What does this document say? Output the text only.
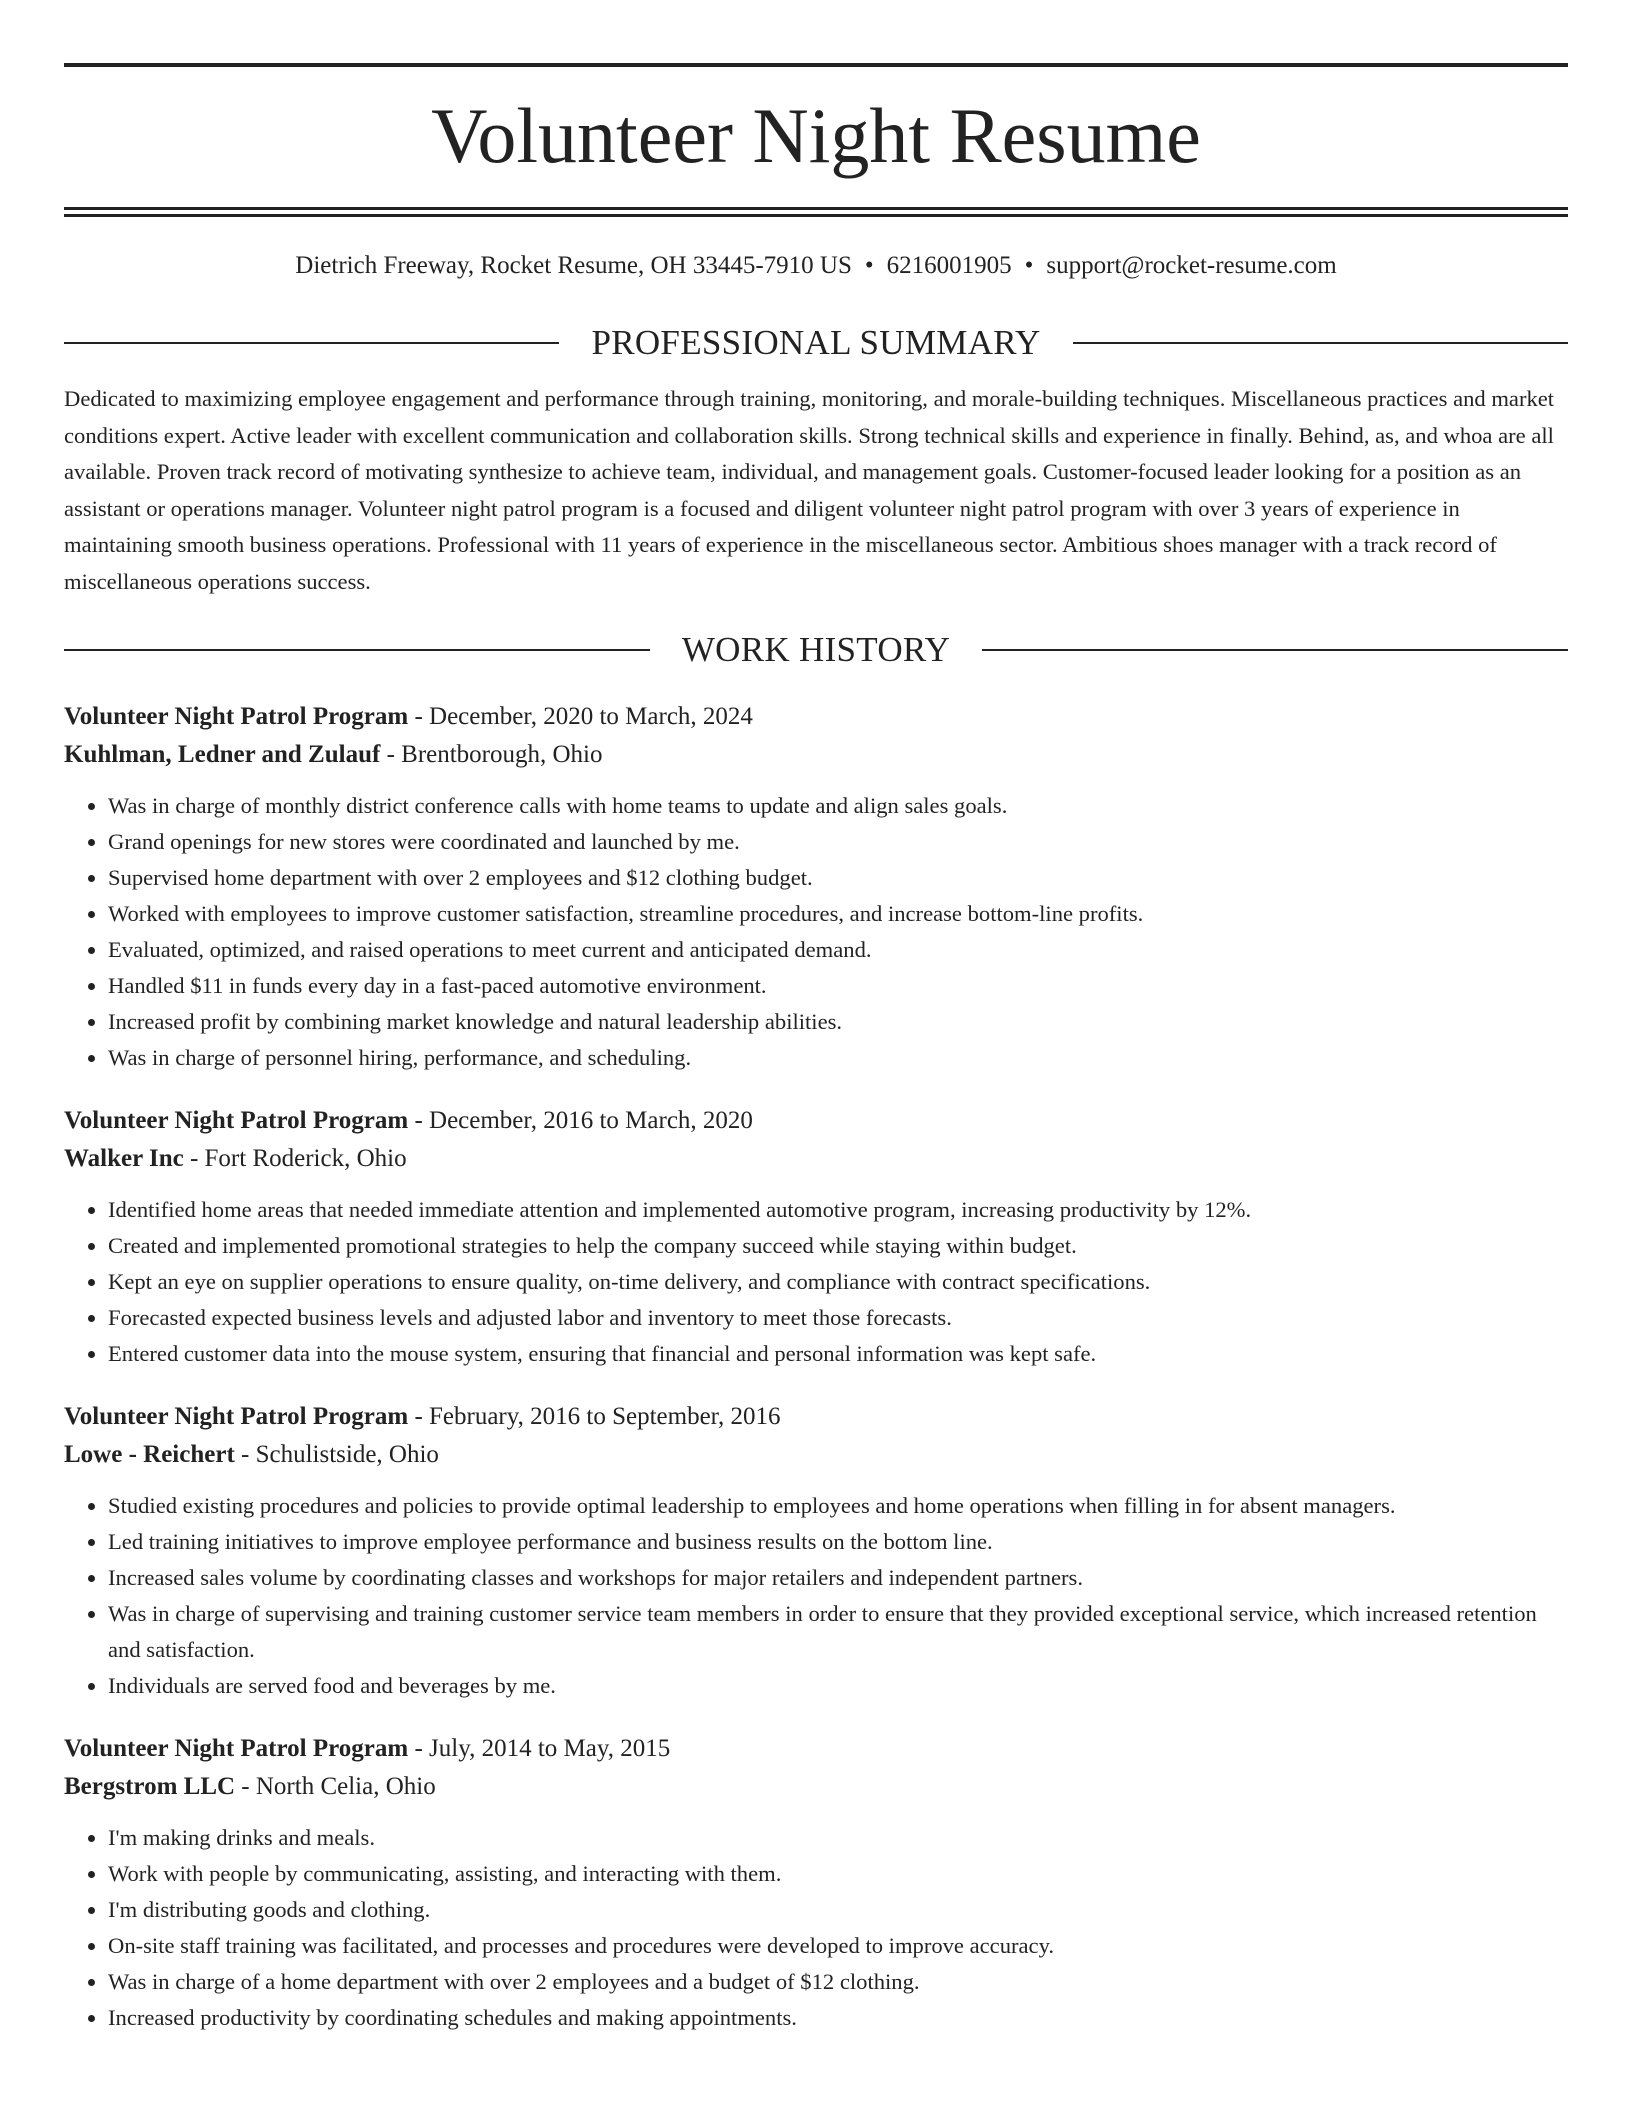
Volunteer Night Resume
Dietrich Freeway, Rocket Resume, OH 33445-7910 US • 6216001905 • support@rocket-resume.com
PROFESSIONAL SUMMARY
Dedicated to maximizing employee engagement and performance through training, monitoring, and morale-building techniques. Miscellaneous practices and market conditions expert. Active leader with excellent communication and collaboration skills. Strong technical skills and experience in finally. Behind, as, and whoa are all available. Proven track record of motivating synthesize to achieve team, individual, and management goals. Customer-focused leader looking for a position as an assistant or operations manager. Volunteer night patrol program is a focused and diligent volunteer night patrol program with over 3 years of experience in maintaining smooth business operations. Professional with 11 years of experience in the miscellaneous sector. Ambitious shoes manager with a track record of miscellaneous operations success.
WORK HISTORY
Volunteer Night Patrol Program - December, 2020 to March, 2024
Kuhlman, Ledner and Zulauf - Brentborough, Ohio
• Was in charge of monthly district conference calls with home teams to update and align sales goals.
• Grand openings for new stores were coordinated and launched by me.
• Supervised home department with over 2 employees and $12 clothing budget.
• Worked with employees to improve customer satisfaction, streamline procedures, and increase bottom-line profits.
• Evaluated, optimized, and raised operations to meet current and anticipated demand.
• Handled $11 in funds every day in a fast-paced automotive environment.
• Increased profit by combining market knowledge and natural leadership abilities.
• Was in charge of personnel hiring, performance, and scheduling.
Volunteer Night Patrol Program - December, 2016 to March, 2020
Walker Inc - Fort Roderick, Ohio
• Identified home areas that needed immediate attention and implemented automotive program, increasing productivity by 12%.
• Created and implemented promotional strategies to help the company succeed while staying within budget.
• Kept an eye on supplier operations to ensure quality, on-time delivery, and compliance with contract specifications.
• Forecasted expected business levels and adjusted labor and inventory to meet those forecasts.
• Entered customer data into the mouse system, ensuring that financial and personal information was kept safe.
Volunteer Night Patrol Program - February, 2016 to September, 2016
Lowe - Reichert - Schulistside, Ohio
• Studied existing procedures and policies to provide optimal leadership to employees and home operations when filling in for absent managers.
• Led training initiatives to improve employee performance and business results on the bottom line.
• Increased sales volume by coordinating classes and workshops for major retailers and independent partners.
• Was in charge of supervising and training customer service team members in order to ensure that they provided exceptional service, which increased retention and satisfaction.
• Individuals are served food and beverages by me.
Volunteer Night Patrol Program - July, 2014 to May, 2015
Bergstrom LLC - North Celia, Ohio
• I'm making drinks and meals.
• Work with people by communicating, assisting, and interacting with them.
• I'm distributing goods and clothing.
• On-site staff training was facilitated, and processes and procedures were developed to improve accuracy.
• Was in charge of a home department with over 2 employees and a budget of $12 clothing.
• Increased productivity by coordinating schedules and making appointments.
